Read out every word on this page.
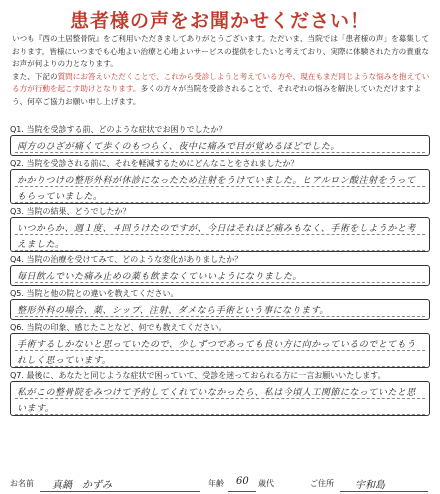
患者様の声をお聞かせください！

いつも『西の土居整骨院』をご利用いただきましてありがとうございます。ただいま、当院では「患者様の声」を募集しております。皆様にいつまでも心地よい治療と心地よいサービスの提供をしたいと考えており、実際に体験された方の貴重なお声が何よりの力となります。

また、下記の質問にお答えいただくことで、これから受診しようと考えている方や、現在もまだ同じような悩みを抱えている方が行動を起こす助けとなります。多くの方々が当院を受診されることで、それぞれの悩みを解決していただけますよう、何卒ご協力お願い申し上げます。

Q1. 当院を受診する前、どのような症状でお困りでしたか？
両方のひざが痛くて歩くのもつらく、夜中に痛みで目が覚めるほどでした。
Q2. 当院を受診される前に、それを軽減するためにどんなことをされましたか？
かかりつけの整形外科が休診になったため注射をうけていました。ヒアルロン酸注射をうってもらっていました。
Q3. 当院の結果、どうでしたか？
いつからか、週１度、４回うけたのですが、今日はそれほど痛みもなく、手術をしようかと考えました。
Q4. 当院の治療を受けてみて、どのような変化がありましたか？
毎日飲んでいた痛み止めの薬も飲まなくていいようになりました。
Q5. 当院と他の院との違いを教えてください。
整形外科の場合、薬、シップ、注射、ダメなら手術という事になります。
Q6. 当院の印象、感じたことなど、何でも教えてください。
手術するしかないと思っていたので、少しずつであっても良い方に向かっているのでとてもうれしく思っています。
Q7. 最後に、あなたと同じような症状で困っていて、受診を迷っておられる方に一言お願いいたします。
私がこの整骨院をみつけて予約してくれていなかったら、私は今頃人工関節になっていたと思います。
お名前 真鍋　かずみ	年齢 60 歳代	ご住所 宇和島
